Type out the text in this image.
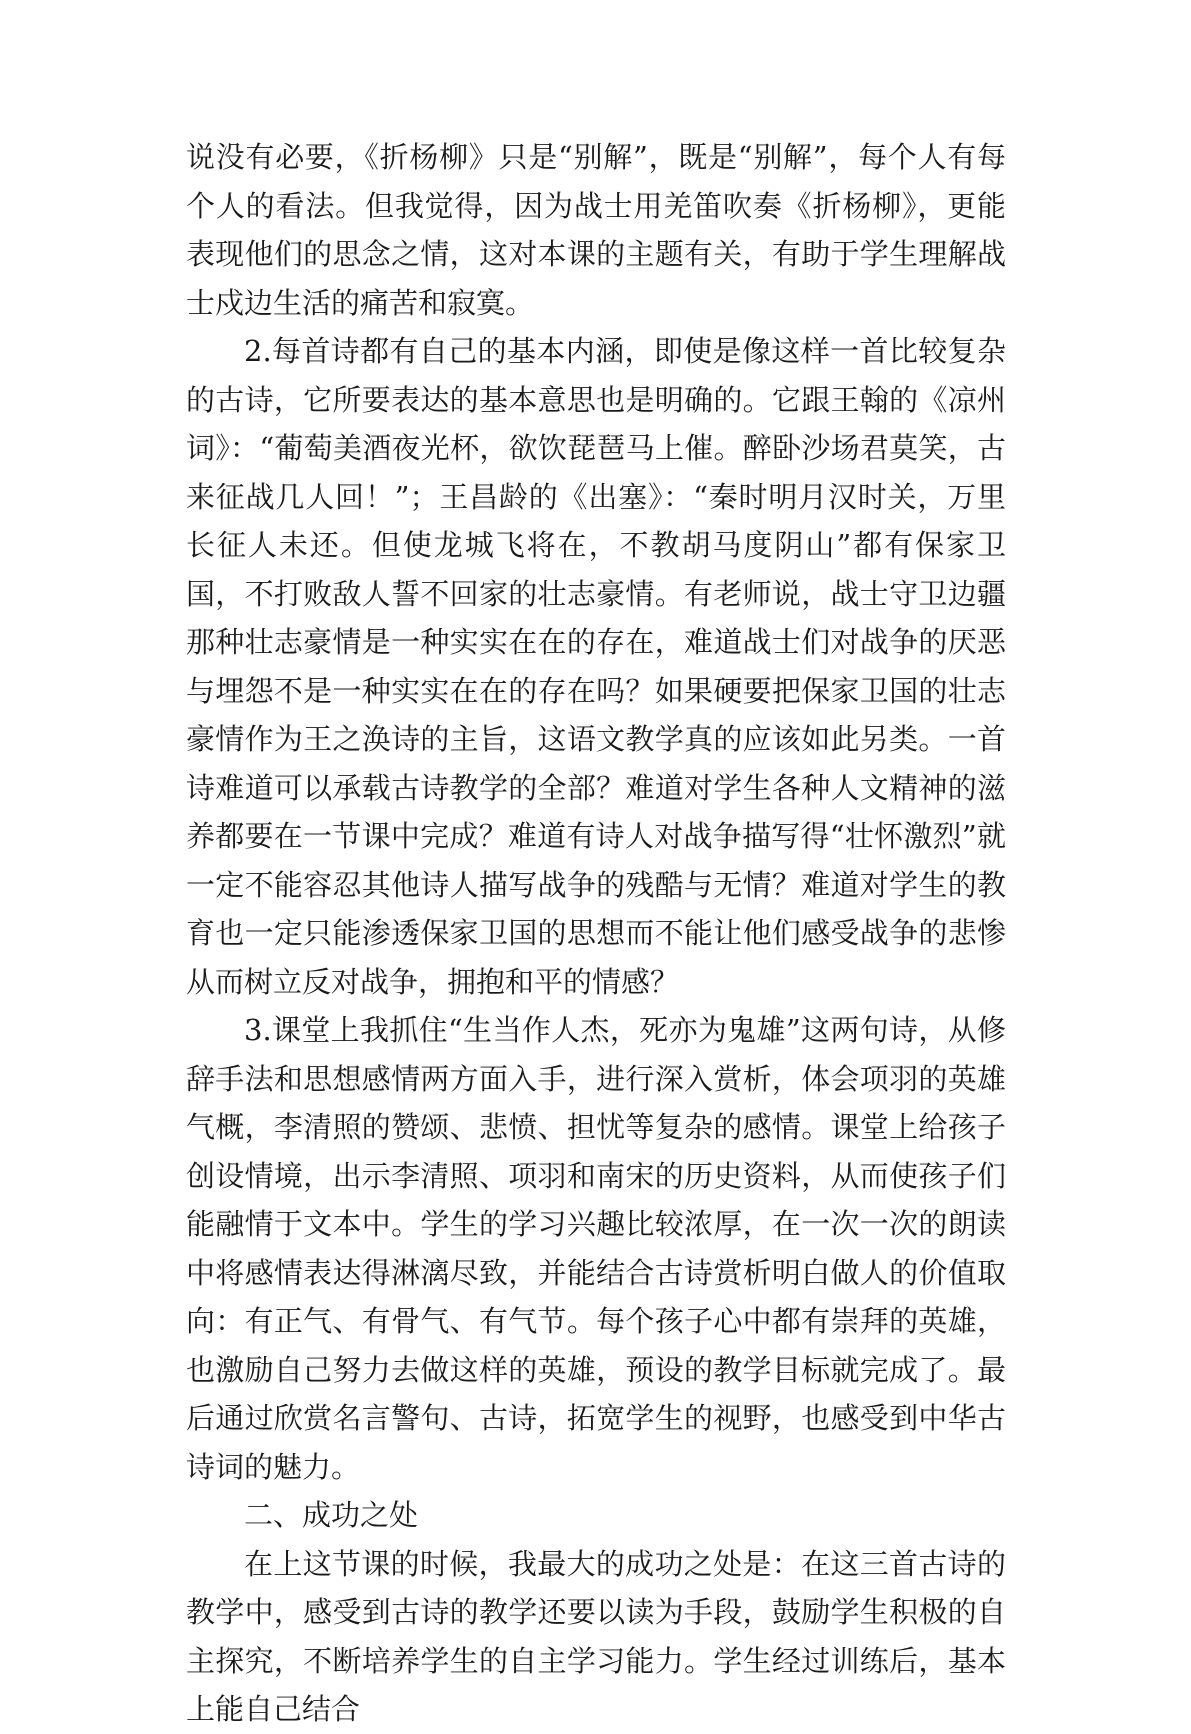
说没有必要，《折杨柳》只是“别解”，既是“别解”，每个人有每个人的看法。但我觉得，因为战士用羌笛吹奏《折杨柳》，更能表现他们的思念之情，这对本课的主题有关，有助于学生理解战士戍边生活的痛苦和寂寞。

2.每首诗都有自己的基本内涵，即使是像这样一首比较复杂的古诗，它所要表达的基本意思也是明确的。它跟王翰的《凉州词》：“葡萄美酒夜光杯，欲饮琵琶马上催。醉卧沙场君莫笑，古来征战几人回！”；王昌龄的《出塞》：“秦时明月汉时关，万里长征人未还。但使龙城飞将在，不教胡马度阴山”都有保家卫国，不打败敌人誓不回家的壮志豪情。有老师说，战士守卫边疆那种壮志豪情是一种实实在在的存在，难道战士们对战争的厌恶与埋怨不是一种实实在在的存在吗？如果硬要把保家卫国的壮志豪情作为王之涣诗的主旨，这语文教学真的应该如此另类。一首诗难道可以承载古诗教学的全部？难道对学生各种人文精神的滋养都要在一节课中完成？难道有诗人对战争描写得“壮怀激烈”就一定不能容忍其他诗人描写战争的残酷与无情？难道对学生的教育也一定只能渗透保家卫国的思想而不能让他们感受战争的悲惨从而树立反对战争，拥抱和平的情感？

3.课堂上我抓住“生当作人杰，死亦为鬼雄”这两句诗，从修辞手法和思想感情两方面入手，进行深入赏析，体会项羽的英雄气概，李清照的赞颂、悲愤、担忧等复杂的感情。课堂上给孩子创设情境，出示李清照、项羽和南宋的历史资料，从而使孩子们能融情于文本中。学生的学习兴趣比较浓厚，在一次一次的朗读中将感情表达得淋漓尽致，并能结合古诗赏析明白做人的价值取向：有正气、有骨气、有气节。每个孩子心中都有崇拜的英雄，也激励自己努力去做这样的英雄，预设的教学目标就完成了。最后通过欣赏名言警句、古诗，拓宽学生的视野，也感受到中华古诗词的魅力。

二、成功之处

在上这节课的时候，我最大的成功之处是：在这三首古诗的教学中，感受到古诗的教学还要以读为手段，鼓励学生积极的自主探究，不断培养学生的自主学习能力。学生经过训练后，基本上能自己结合
